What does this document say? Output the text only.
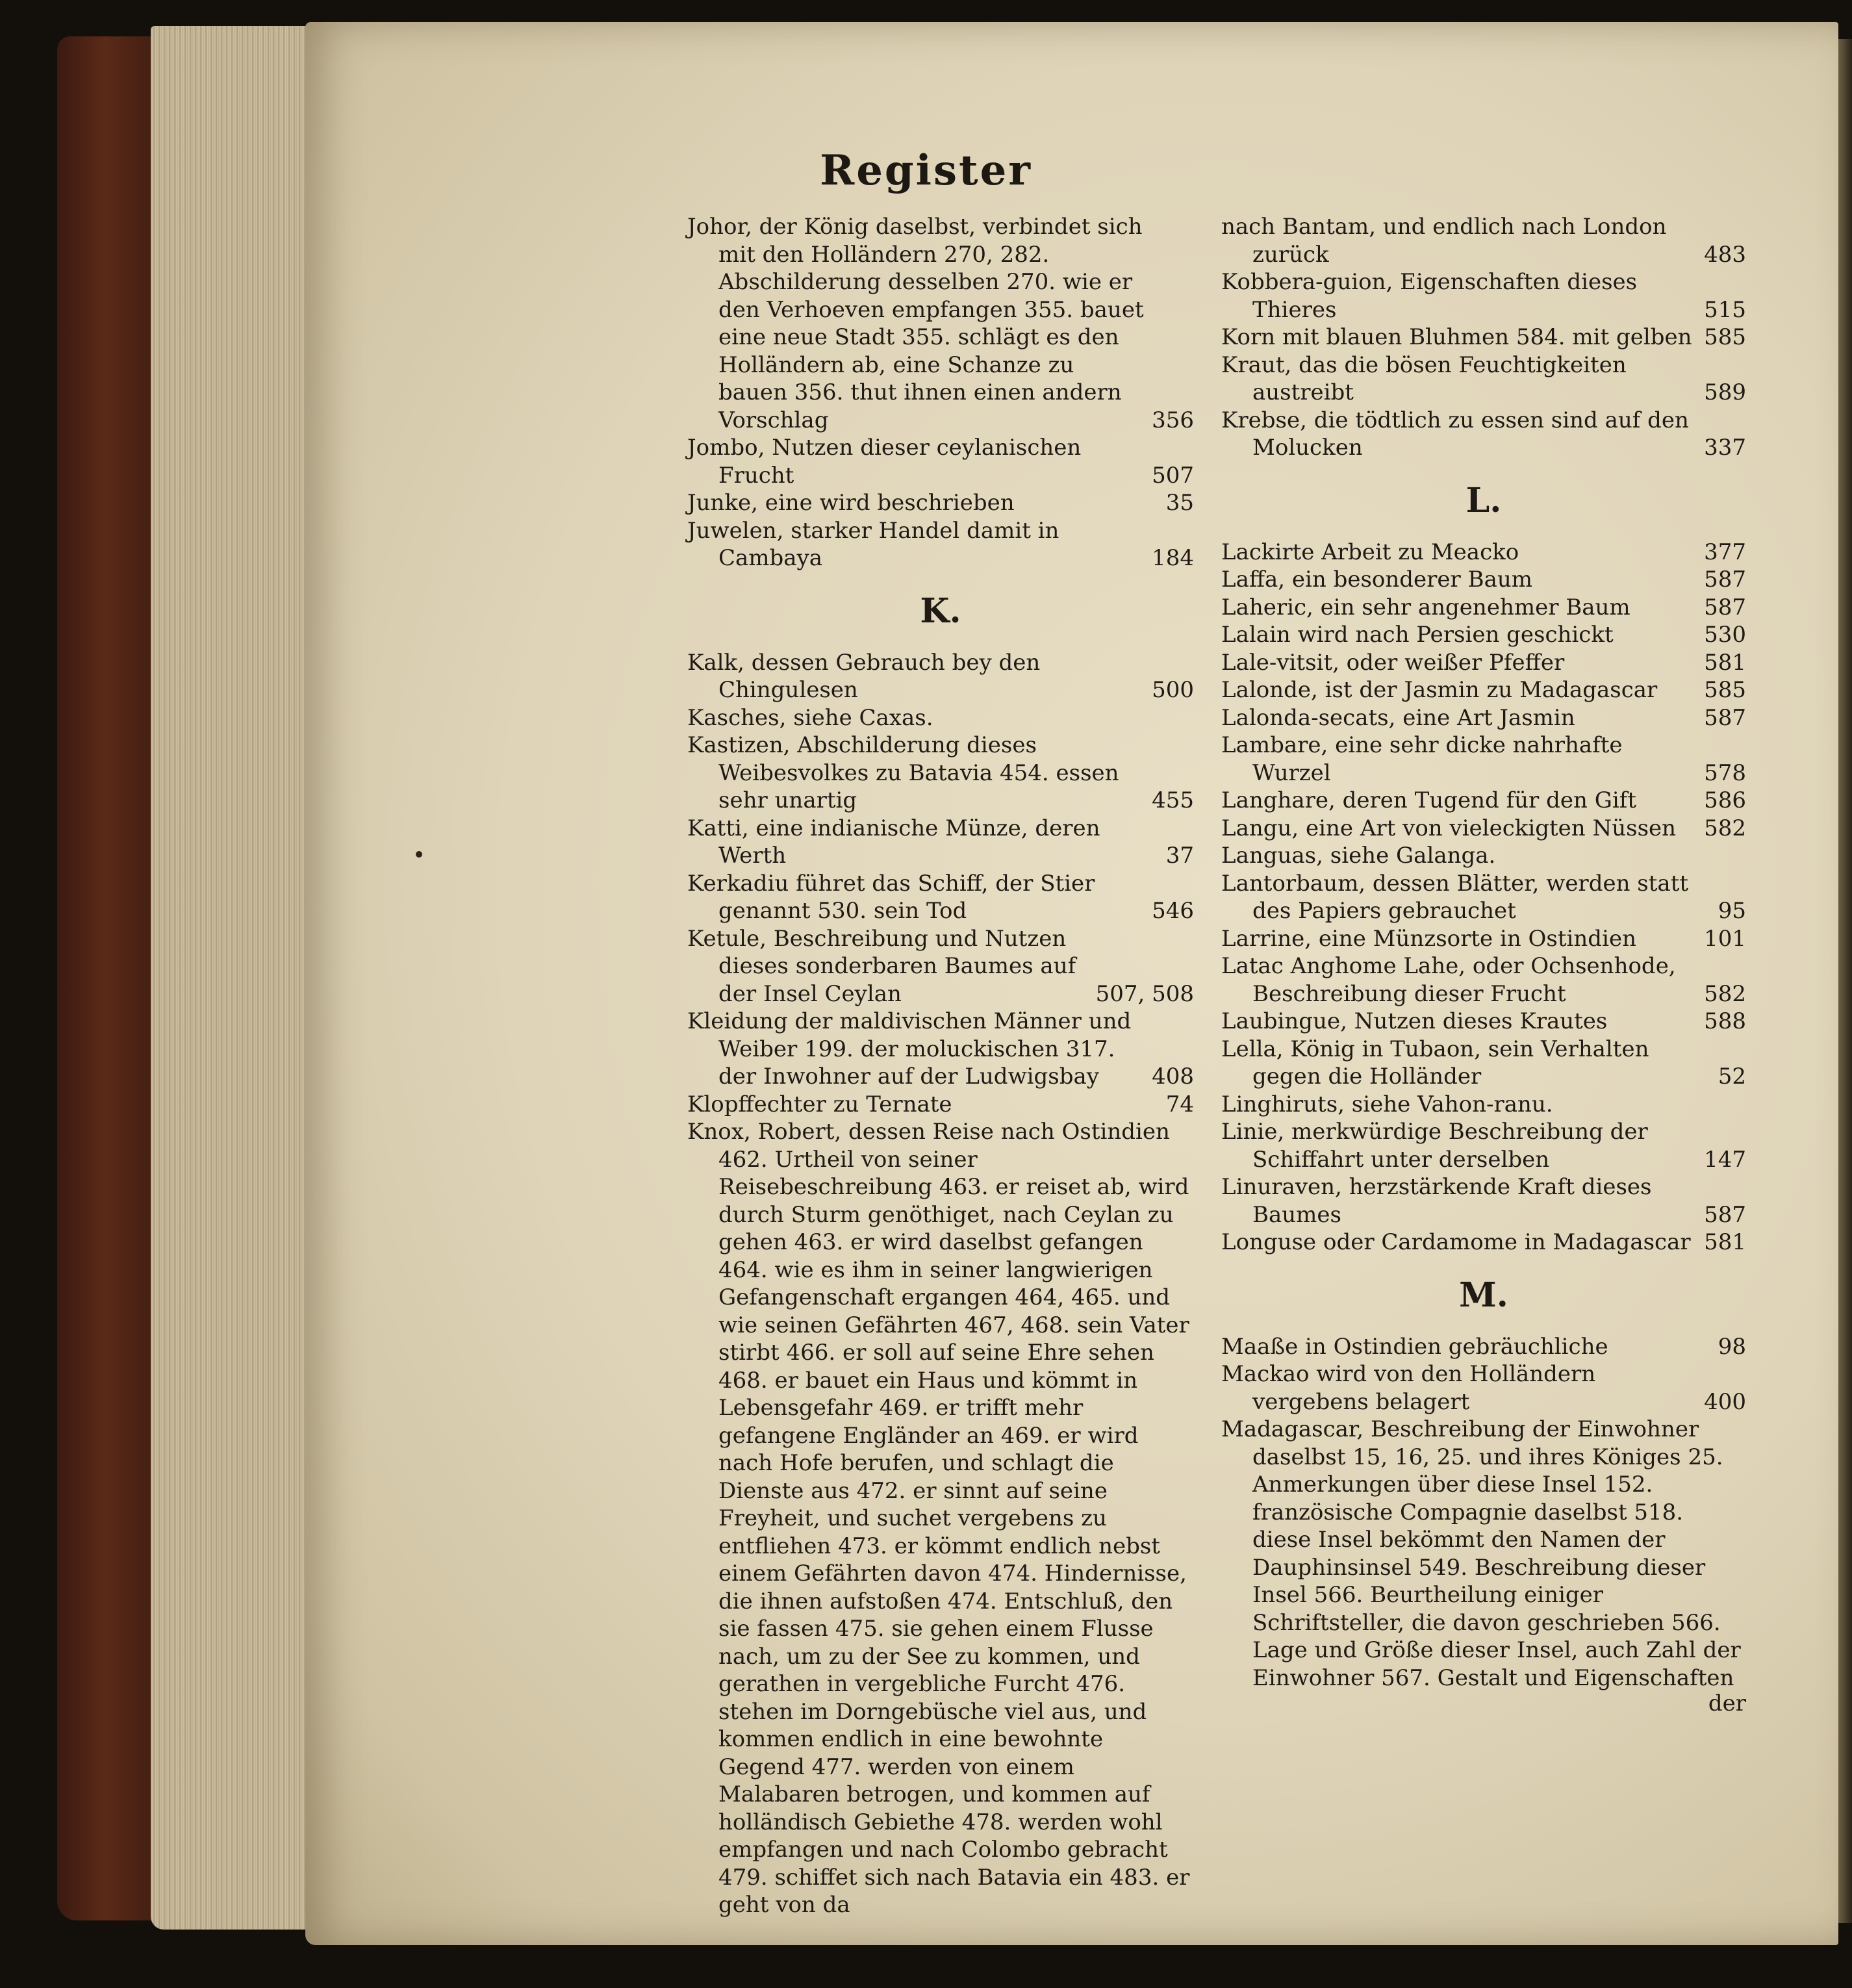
Register
Johor, der König daselbst, verbindet sich mit den Holländern 270, 282. Abschilderung desselben 270. wie er den Verhoeven empfangen 355. bauet eine neue Stadt 355. schlägt es den Holländern ab, eine Schanze zu bauen 356. thut ihnen einen andern Vorschlag	356
Jombo, Nutzen dieser ceylanischen Frucht	507
Junke, eine wird beschrieben	35
Juwelen, starker Handel damit in Cambaya	184
K.
Kalk, dessen Gebrauch bey den Chingulesen	500
Kasches, siehe Caxas.
Kastizen, Abschilderung dieses Weibesvolkes zu Batavia 454. essen sehr unartig	455
Katti, eine indianische Münze, deren Werth	37
Kerkadiu führet das Schiff, der Stier genannt 530. sein Tod	546
Ketule, Beschreibung und Nutzen dieses sonderbaren Baumes auf der Insel Ceylan	507, 508
Kleidung der maldivischen Männer und Weiber 199. der moluckischen 317. der Inwohner auf der Ludwigsbay	408
Klopffechter zu Ternate	74
Knox, Robert, dessen Reise nach Ostindien 462. Urtheil von seiner Reisebeschreibung 463. er reiset ab, wird durch Sturm genöthiget, nach Ceylan zu gehen 463. er wird daselbst gefangen 464. wie es ihm in seiner langwierigen Gefangenschaft ergangen 464, 465. und wie seinen Gefährten 467, 468. sein Vater stirbt 466. er soll auf seine Ehre sehen 468. er bauet ein Haus und kömmt in Lebensgefahr 469. er trifft mehr gefangene Engländer an 469. er wird nach Hofe berufen, und schlagt die Dienste aus 472. er sinnt auf seine Freyheit, und suchet vergebens zu entfliehen 473. er kömmt endlich nebst einem Gefährten davon 474. Hindernisse, die ihnen aufstoßen 474. Entschluß, den sie fassen 475. sie gehen einem Flusse nach, um zu der See zu kommen, und gerathen in vergebliche Furcht 476. stehen im Dorngebüsche viel aus, und kommen endlich in eine bewohnte Gegend 477. werden von einem Malabaren betrogen, und kommen auf holländisch Gebiethe 478. werden wohl empfangen und nach Colombo gebracht 479. schiffet sich nach Batavia ein 483. er geht von da
nach Bantam, und endlich nach London zurück	483
Kobbera-guion, Eigenschaften dieses Thieres	515
Korn mit blauen Bluhmen 584. mit gelben 585
Kraut, das die bösen Feuchtigkeiten austreibt	589
Krebse, die tödtlich zu essen sind auf den Molucken	337
L.
Lackirte Arbeit zu Meacko	377
Laffa, ein besonderer Baum	587
Laheric, ein sehr angenehmer Baum	587
Lalain wird nach Persien geschickt	530
Lale-vitsit, oder weißer Pfeffer	581
Lalonde, ist der Jasmin zu Madagascar	585
Lalonda-secats, eine Art Jasmin	587
Lambare, eine sehr dicke nahrhafte Wurzel	578
Langhare, deren Tugend für den Gift	586
Langu, eine Art von vieleckigten Nüssen	582
Languas, siehe Galanga.
Lantorbaum, dessen Blätter, werden statt des Papiers gebrauchet	95
Larrine, eine Münzsorte in Ostindien	101
Latac Anghome Lahe, oder Ochsenhode, Beschreibung dieser Frucht	582
Laubingue, Nutzen dieses Krautes	588
Lella, König in Tubaon, sein Verhalten gegen die Holländer	52
Linghiruts, siehe Vahon-ranu.
Linie, merkwürdige Beschreibung der Schiffahrt unter derselben	147
Linuraven, herzstärkende Kraft dieses Baumes	587
Longuse oder Cardamome in Madagascar 581
M.
Maaße in Ostindien gebräuchliche	98
Mackao wird von den Holländern vergebens belagert	400
Madagascar, Beschreibung der Einwohner daselbst 15, 16, 25. und ihres Königes 25. Anmerkungen über diese Insel 152. französische Compagnie daselbst 518. diese Insel bekömmt den Namen der Dauphinsinsel 549. Beschreibung dieser Insel 566. Beurtheilung einiger Schriftsteller, die davon geschrieben 566. Lage und Größe dieser Insel, auch Zahl der Einwohner 567. Gestalt und Eigenschaften
der
